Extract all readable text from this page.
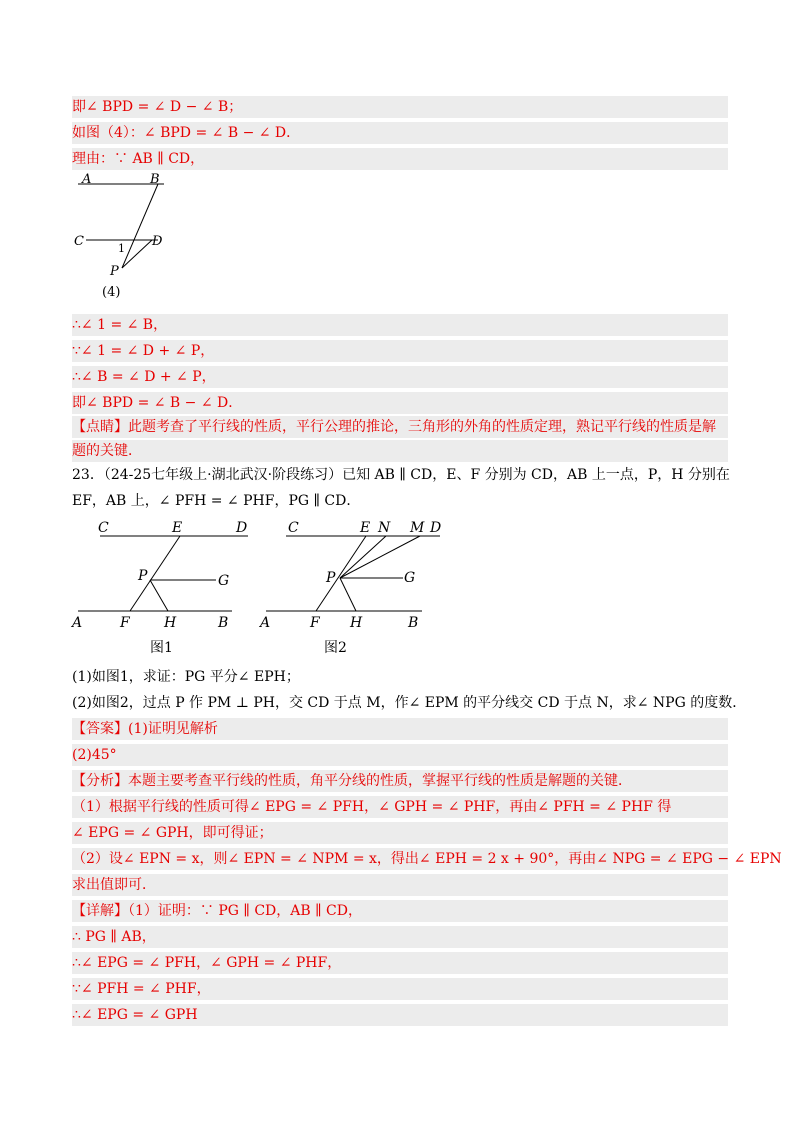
即∠ BPD = ∠ D − ∠ B；
如图（4）：∠ BPD = ∠ B − ∠ D．
理由：∵ AB ∥ CD，
A	B
C	D
1
P
(4)
∴∠ 1 = ∠ B，
∵∠ 1 = ∠ D + ∠ P，
∴∠ B = ∠ D + ∠ P，
即∠ BPD = ∠ B − ∠ D．
【点睛】此题考查了平行线的性质，平行公理的推论，三角形的外角的性质定理，熟记平行线的性质是解
题的关键．
23．（24-25七年级上·湖北武汉·阶段练习）已知 AB ∥ CD，E、F 分别为 CD，AB 上一点，P，H 分别在
EF，AB 上，∠ PFH = ∠ PHF，PG ∥ CD．
C	E	D
P	G
A	F H	B
图1
C	E N M D
P	G
A	F H	B
图2
(1)如图1，求证：PG 平分∠ EPH；
(2)如图2，过点 P 作 PM ⊥ PH，交 CD 于点 M，作∠ EPM 的平分线交 CD 于点 N，求∠ NPG 的度数．
【答案】(1)证明见解析
(2)45°
【分析】本题主要考查平行线的性质，角平分线的性质，掌握平行线的性质是解题的关键．
（1）根据平行线的性质可得∠ EPG = ∠ PFH，∠ GPH = ∠ PHF，再由∠ PFH = ∠ PHF 得
∠ EPG = ∠ GPH，即可得证；
（2）设∠ EPN = x，则∠ EPN = ∠ NPM = x，得出∠ EPH = 2 x + 90°，再由∠ NPG = ∠ EPG − ∠ EPN
求出值即可．
【详解】（1）证明：∵ PG ∥ CD，AB ∥ CD，
∴ PG ∥ AB，
∴∠ EPG = ∠ PFH，∠ GPH = ∠ PHF，
∵∠ PFH = ∠ PHF，
∴∠ EPG = ∠ GPH
